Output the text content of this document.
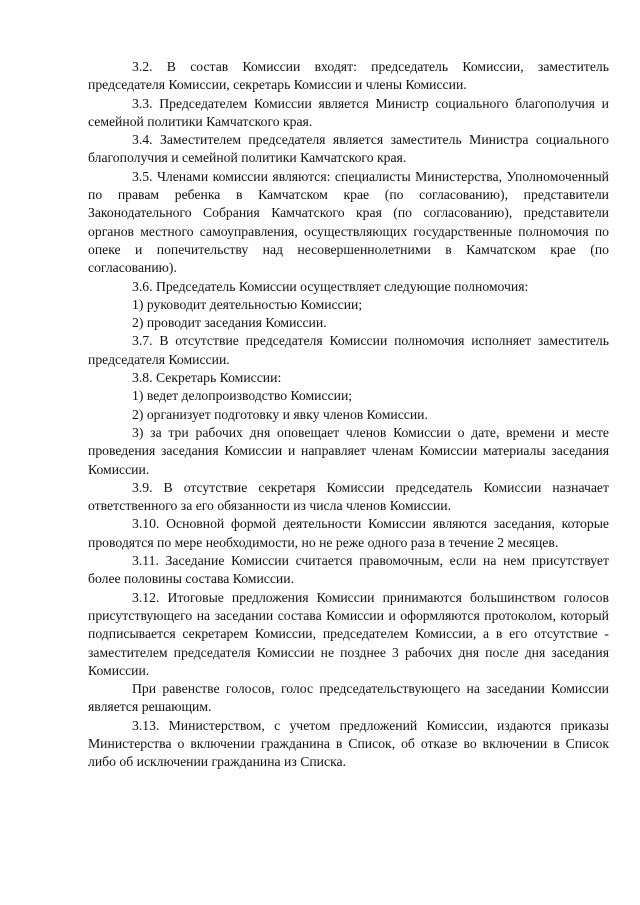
3.2. В состав Комиссии входят: председатель Комиссии, заместитель председателя Комиссии, секретарь Комиссии и члены Комиссии.

3.3. Председателем Комиссии является Министр социального благополучия и семейной политики Камчатского края.

3.4. Заместителем председателя является заместитель Министра социального благополучия и семейной политики Камчатского края.

3.5. Членами комиссии являются: специалисты Министерства, Уполномоченный по правам ребенка в Камчатском крае (по согласованию), представители Законодательного Собрания Камчатского края (по согласованию), представители органов местного самоуправления, осуществляющих государственные полномочия по опеке и попечительству над несовершеннолетними в Камчатском крае (по согласованию).

3.6. Председатель Комиссии осуществляет следующие полномочия:

1) руководит деятельностью Комиссии;

2) проводит заседания Комиссии.

3.7. В отсутствие председателя Комиссии полномочия исполняет заместитель председателя Комиссии.

3.8. Секретарь Комиссии:

1) ведет делопроизводство Комиссии;

2) организует подготовку и явку членов Комиссии.

3) за три рабочих дня оповещает членов Комиссии о дате, времени и месте проведения заседания Комиссии и направляет членам Комиссии материалы заседания Комиссии.

3.9. В отсутствие секретаря Комиссии председатель Комиссии назначает ответственного за его обязанности из числа членов Комиссии.

3.10. Основной формой деятельности Комиссии являются заседания, которые проводятся по мере необходимости, но не реже одного раза в течение 2 месяцев.

3.11. Заседание Комиссии считается правомочным, если на нем присутствует более половины состава Комиссии.

3.12. Итоговые предложения Комиссии принимаются большинством голосов присутствующего на заседании состава Комиссии и оформляются протоколом, который подписывается секретарем Комиссии, председателем Комиссии, а в его отсутствие - заместителем председателя Комиссии не позднее 3 рабочих дня после дня заседания Комиссии.

При равенстве голосов, голос председательствующего на заседании Комиссии является решающим.

3.13. Министерством, с учетом предложений Комиссии, издаются приказы Министерства о включении гражданина в Список, об отказе во включении в Список либо об исключении гражданина из Списка.
